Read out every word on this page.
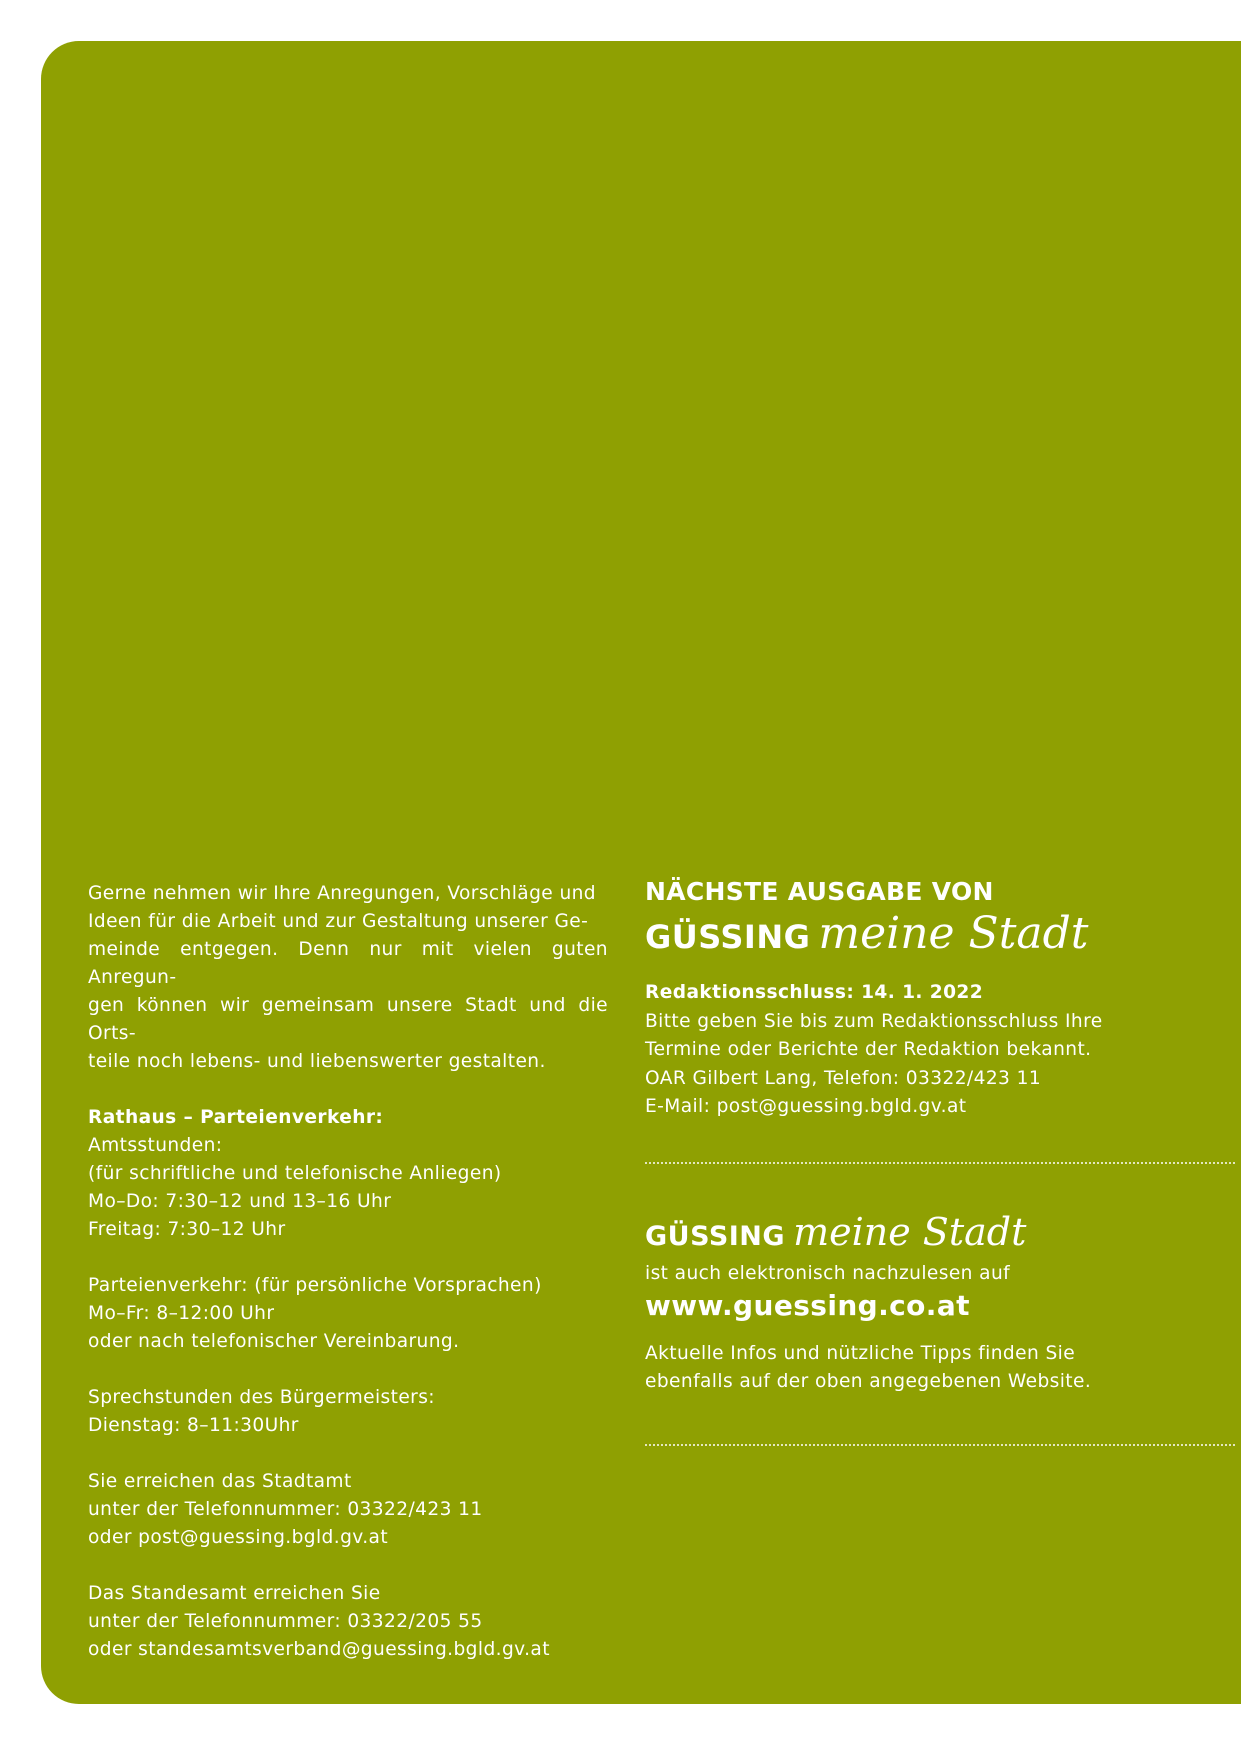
Gerne nehmen wir Ihre Anregungen, Vorschläge und
Ideen für die Arbeit und zur Gestaltung unserer Ge-
meinde entgegen. Denn nur mit vielen guten Anregun-
gen können wir gemeinsam unsere Stadt und die Orts-
teile noch lebens- und liebenswerter gestalten.

Rathaus – Parteienverkehr:
Amtsstunden:
(für schriftliche und telefonische Anliegen)
Mo–Do: 7:30–12 und 13–16 Uhr
Freitag: 7:30–12 Uhr

Parteienverkehr: (für persönliche Vorsprachen)
Mo–Fr: 8–12:00 Uhr
oder nach telefonischer Vereinbarung.

Sprechstunden des Bürgermeisters:
Dienstag: 8–11:30Uhr

Sie erreichen das Stadtamt
unter der Telefonnummer: 03322/423 11
oder post@guessing.bgld.gv.at

Das Standesamt erreichen Sie
unter der Telefonnummer: 03322/205 55
oder standesamtsverband@guessing.bgld.gv.at

NÄCHSTE AUSGABE VON
GÜSSING meine Stadt
Redaktionsschluss: 14. 1. 2022
Bitte geben Sie bis zum Redaktionsschluss Ihre
Termine oder Berichte der Redaktion bekannt.
OAR Gilbert Lang, Telefon: 03322/423 11
E-Mail: post@guessing.bgld.gv.at
GÜSSING meine Stadt
ist auch elektronisch nachzulesen auf
www.guessing.co.at
Aktuelle Infos und nützliche Tipps finden Sie
ebenfalls auf der oben angegebenen Website.
